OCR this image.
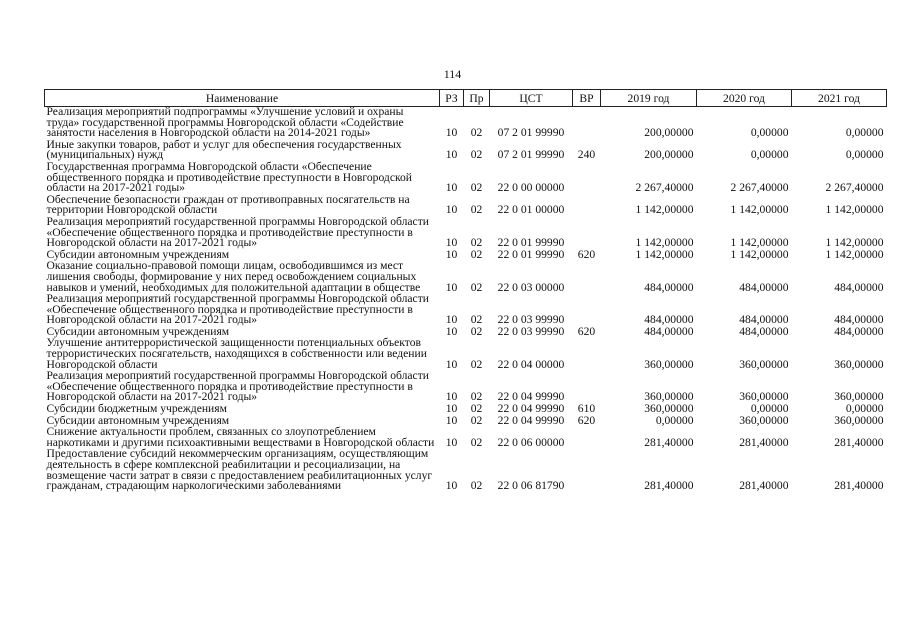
114
Наименование	РЗ	Пр	ЦСТ	ВР	2019 год	2020 год	2021 год
Реализация мероприятий подпрограммы «Улучшение условий и охраны труда» государственной программы Новгородской области «Содействие занятости населения в Новгородской области на 2014-2021 годы»	10	02	07 2 01 99990		200,00000	0,00000	0,00000
Иные закупки товаров, работ и услуг для обеспечения государственных (муниципальных) нужд	10	02	07 2 01 99990	240	200,00000	0,00000	0,00000
Государственная программа Новгородской области «Обеспечение общественного порядка и противодействие преступности в Новгородской области на 2017-2021 годы»	10	02	22 0 00 00000		2 267,40000	2 267,40000	2 267,40000
Обеспечение безопасности граждан от противоправных посягательств на территории Новгородской области	10	02	22 0 01 00000		1 142,00000	1 142,00000	1 142,00000
Реализация мероприятий государственной программы Новгородской области «Обеспечение общественного порядка и противодействие преступности в Новгородской области на 2017-2021 годы»	10	02	22 0 01 99990		1 142,00000	1 142,00000	1 142,00000
Субсидии автономным учреждениям	10	02	22 0 01 99990	620	1 142,00000	1 142,00000	1 142,00000
Оказание социально-правовой помощи лицам, освободившимся из мест лишения свободы, формирование у них перед освобождением социальных навыков и умений, необходимых для положительной адаптации в обществе	10	02	22 0 03 00000		484,00000	484,00000	484,00000
Реализация мероприятий государственной программы Новгородской области «Обеспечение общественного порядка и противодействие преступности в Новгородской области на 2017-2021 годы»	10	02	22 0 03 99990		484,00000	484,00000	484,00000
Субсидии автономным учреждениям	10	02	22 0 03 99990	620	484,00000	484,00000	484,00000
Улучшение антитеррористической защищенности потенциальных объектов террористических посягательств, находящихся в собственности или ведении Новгородской области	10	02	22 0 04 00000		360,00000	360,00000	360,00000
Реализация мероприятий государственной программы Новгородской области «Обеспечение общественного порядка и противодействие преступности в Новгородской области на 2017-2021 годы»	10	02	22 0 04 99990		360,00000	360,00000	360,00000
Субсидии бюджетным учреждениям	10	02	22 0 04 99990	610	360,00000	0,00000	0,00000
Субсидии автономным учреждениям	10	02	22 0 04 99990	620	0,00000	360,00000	360,00000
Снижение актуальности проблем, связанных со злоупотреблением наркотиками и другими психоактивными веществами в Новгородской области	10	02	22 0 06 00000		281,40000	281,40000	281,40000
Предоставление субсидий некоммерческим организациям, осуществляющим деятельность в сфере комплексной реабилитации и ресоциализации, на возмещение части затрат в связи с предоставлением реабилитационных услуг гражданам, страдающим наркологическими заболеваниями	10	02	22 0 06 81790		281,40000	281,40000	281,40000
